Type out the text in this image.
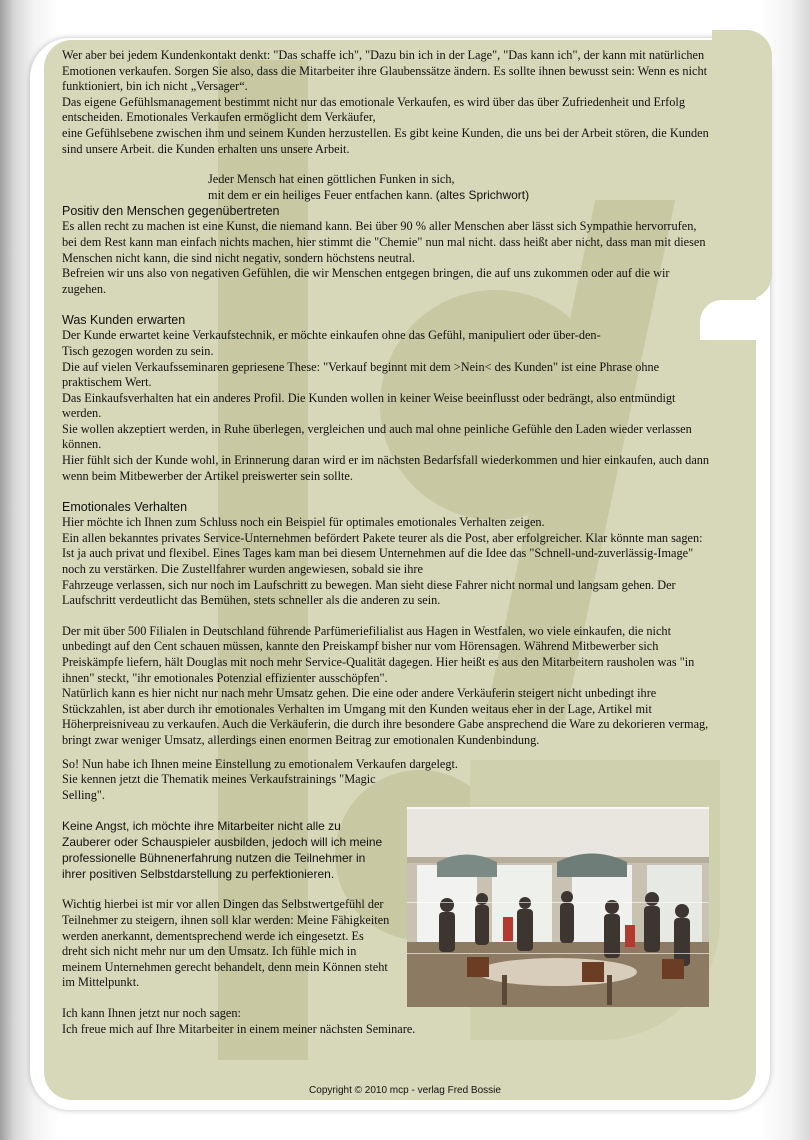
Wer aber bei jedem Kundenkontakt denkt: "Das schaffe ich", "Dazu bin ich in der Lage", "Das kann ich", der kann mit natürlichen Emotionen verkaufen. Sorgen Sie also, dass die Mitarbeiter ihre Glaubenssätze ändern. Es sollte ihnen bewusst sein: Wenn es nicht funktioniert, bin ich nicht „Versager“.

Das eigene Gefühlsmanagement bestimmt nicht nur das emotionale Verkaufen, es wird über das über Zufriedenheit und Erfolg entscheiden. Emotionales Verkaufen ermöglicht dem Verkäufer,

eine Gefühlsebene zwischen ihm und seinem Kunden herzustellen. Es gibt keine Kunden, die uns bei der Arbeit stören, die Kunden sind unsere Arbeit. die Kunden erhalten uns unsere Arbeit.

Jeder Mensch hat einen göttlichen Funken in sich,

mit dem er ein heiliges Feuer entfachen kann. (altes Sprichwort)

Positiv den Menschen gegenübertreten

Es allen recht zu machen ist eine Kunst, die niemand kann. Bei über 90 % aller Menschen aber lässt sich Sympathie hervorrufen, bei dem Rest kann man einfach nichts machen, hier stimmt die "Chemie" nun mal nicht. dass heißt aber nicht, dass man mit diesen Menschen nicht kann, die sind nicht negativ, sondern höchstens neutral.

Befreien wir uns also von negativen Gefühlen, die wir Menschen entgegen bringen, die auf uns zukommen oder auf die wir zugehen.

Was Kunden erwarten

Der Kunde erwartet keine Verkaufstechnik, er möchte einkaufen ohne das Gefühl, manipuliert oder über-den- Tisch gezogen worden zu sein.

Die auf vielen Verkaufsseminaren gepriesene These: "Verkauf beginnt mit dem >Nein< des Kunden" ist eine Phrase ohne praktischem Wert.

Das Einkaufsverhalten hat ein anderes Profil. Die Kunden wollen in keiner Weise beeinflusst oder bedrängt, also entmündigt werden.

Sie wollen akzeptiert werden, in Ruhe überlegen, vergleichen und auch mal ohne peinliche Gefühle den Laden wieder verlassen können.

Hier fühlt sich der Kunde wohl, in Erinnerung daran wird er im nächsten Bedarfsfall wiederkommen und hier einkaufen, auch dann wenn beim Mitbewerber der Artikel preiswerter sein sollte.

Emotionales Verhalten

Hier möchte ich Ihnen zum Schluss noch ein Beispiel für optimales emotionales Verhalten zeigen.

Ein allen bekanntes privates Service-Unternehmen befördert Pakete teurer als die Post, aber erfolgreicher. Klar könnte man sagen: Ist ja auch privat und flexibel. Eines Tages kam man bei diesem Unternehmen auf die Idee das "Schnell-und-zuverlässig-Image" noch zu verstärken. Die Zustellfahrer wurden angewiesen, sobald sie ihre

Fahrzeuge verlassen, sich nur noch im Laufschritt zu bewegen. Man sieht diese Fahrer nicht normal und langsam gehen. Der Laufschritt verdeutlicht das Bemühen, stets schneller als die anderen zu sein.

Der mit über 500 Filialen in Deutschland führende Parfümeriefilialist aus Hagen in Westfalen, wo viele einkaufen, die nicht unbedingt auf den Cent schauen müssen, kannte den Preiskampf bisher nur vom Hörensagen. Während Mitbewerber sich Preiskämpfe liefern, hält Douglas mit noch mehr Service-Qualität dagegen. Hier heißt es aus den Mitarbeitern rausholen was "in ihnen" steckt, "ihr emotionales Potenzial effizienter ausschöpfen".

Natürlich kann es hier nicht nur nach mehr Umsatz gehen. Die eine oder andere Verkäuferin steigert nicht unbedingt ihre Stückzahlen, ist aber durch ihr emotionales Verhalten im Umgang mit den Kunden weitaus eher in der Lage, Artikel mit Höherpreisniveau zu verkaufen. Auch die Verkäuferin, die durch ihre besondere Gabe ansprechend die Ware zu dekorieren vermag, bringt zwar weniger Umsatz, allerdings einen enormen Beitrag zur emotionalen Kundenbindung.

So! Nun habe ich Ihnen meine Einstellung zu emotionalem Verkaufen dargelegt.

Sie kennen jetzt die Thematik meines Verkaufstrainings "Magic Selling".

Keine Angst, ich möchte ihre Mitarbeiter nicht alle zu Zauberer oder Schauspieler ausbilden, jedoch will ich meine professionelle Bühnenerfahrung nutzen die Teilnehmer in ihrer positiven Selbstdarstellung zu perfektionieren.

Wichtig hierbei ist mir vor allen Dingen das Selbstwertgefühl der Teilnehmer zu steigern, ihnen soll klar werden: Meine Fähigkeiten werden anerkannt, dementsprechend werde ich eingesetzt. Es dreht sich nicht mehr nur um den Umsatz. Ich fühle mich in meinem Unternehmen gerecht behandelt, denn mein Können steht im Mittelpunkt.

Ich kann Ihnen jetzt nur noch sagen:

Ich freue mich auf Ihre Mitarbeiter in einem meiner nächsten Seminare.

Copyright © 2010 mcp - verlag Fred Bossie
